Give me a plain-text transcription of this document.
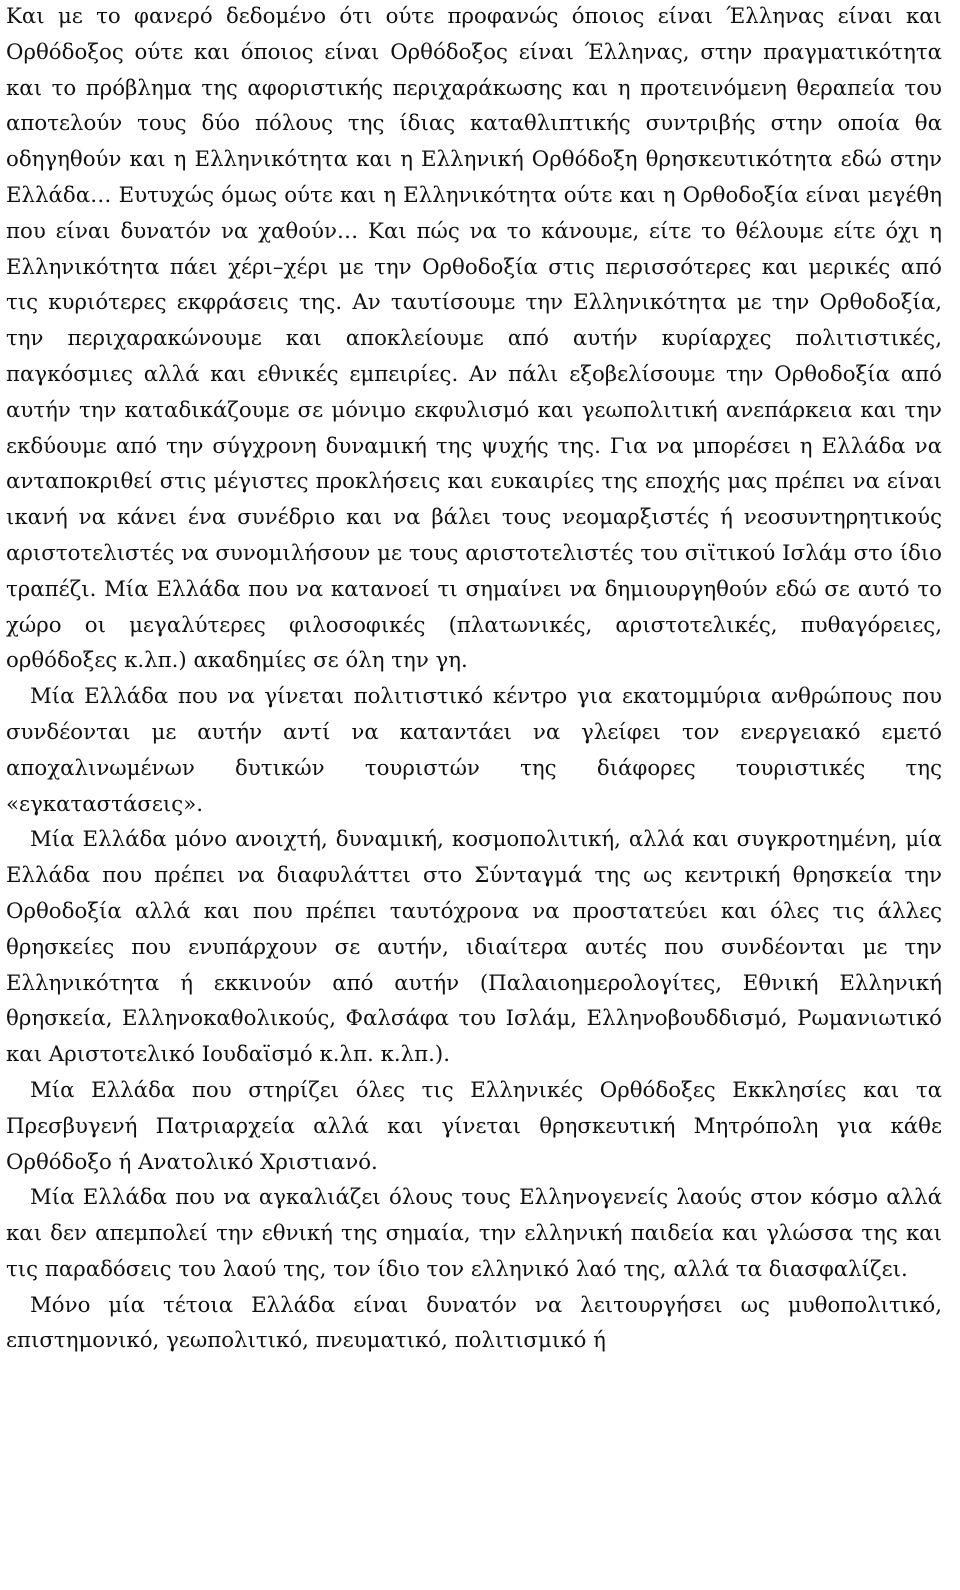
Και με το φανερό δεδομένο ότι ούτε προφανώς όποιος είναι Έλληνας είναι και Ορθόδοξος ούτε και όποιος είναι Ορθόδοξος είναι Έλληνας, στην πραγματικότητα και το πρόβλημα της αφοριστικής περιχαράκωσης και η προτεινόμενη θεραπεία του αποτελούν τους δύο πόλους της ίδιας καταθλιπτικής συντριβής στην οποία θα οδηγηθούν και η Ελληνικότητα και η Ελληνική Ορθόδοξη θρησκευτικότητα εδώ στην Ελλάδα… Ευτυχώς όμως ούτε και η Ελληνικότητα ούτε και η Ορθοδοξία είναι μεγέθη που είναι δυνατόν να χαθούν… Και πώς να το κάνουμε, είτε το θέλουμε είτε όχι η Ελληνικότητα πάει χέρι–χέρι με την Ορθοδοξία στις περισσότερες και μερικές από τις κυριότερες εκφράσεις της. Αν ταυτίσουμε την Ελληνικότητα με την Ορθοδοξία, την περιχαρακώνουμε και αποκλείουμε από αυτήν κυρίαρχες πολιτιστικές, παγκόσμιες αλλά και εθνικές εμπειρίες. Αν πάλι εξοβελίσουμε την Ορθοδοξία από αυτήν την καταδικάζουμε σε μόνιμο εκφυλισμό και γεωπολιτική ανεπάρκεια και την εκδύουμε από την σύγχρονη δυναμική της ψυχής της. Για να μπορέσει η Ελλάδα να ανταποκριθεί στις μέγιστες προκλήσεις και ευκαιρίες της εποχής μας πρέπει να είναι ικανή να κάνει ένα συνέδριο και να βάλει τους νεομαρξιστές ή νεοσυντηρητικούς αριστοτελιστές να συνομιλήσουν με τους αριστοτελιστές του σιϊτικού Ισλάμ στο ίδιο τραπέζι. Μία Ελλάδα που να κατανοεί τι σημαίνει να δημιουργηθούν εδώ σε αυτό το χώρο οι μεγαλύτερες φιλοσοφικές (πλατωνικές, αριστοτελικές, πυθαγόρειες, ορθόδοξες κ.λπ.) ακαδημίες σε όλη την γη.

Μία Ελλάδα που να γίνεται πολιτιστικό κέντρο για εκατομμύρια ανθρώπους που συνδέονται με αυτήν αντί να καταντάει να γλείφει τον ενεργειακό εμετό αποχαλινωμένων δυτικών τουριστών της διάφορες τουριστικές της «εγκαταστάσεις».

Μία Ελλάδα μόνο ανοιχτή, δυναμική, κοσμοπολιτική, αλλά και συγκροτημένη, μία Ελλάδα που πρέπει να διαφυλάττει στο Σύνταγμά της ως κεντρική θρησκεία την Ορθοδοξία αλλά και που πρέπει ταυτόχρονα να προστατεύει και όλες τις άλλες θρησκείες που ενυπάρχουν σε αυτήν, ιδιαίτερα αυτές που συνδέονται με την Ελληνικότητα ή εκκινούν από αυτήν (Παλαιοημερολογίτες, Εθνική Ελληνική θρησκεία, Ελληνοκαθολικούς, Φαλσάφα του Ισλάμ, Ελληνοβουδδισμό, Ρωμανιωτικό και Αριστοτελικό Ιουδαϊσμό κ.λπ. κ.λπ.).

Μία Ελλάδα που στηρίζει όλες τις Ελληνικές Ορθόδοξες Εκκλησίες και τα Πρεσβυγενή Πατριαρχεία αλλά και γίνεται θρησκευτική Μητρόπολη για κάθε Ορθόδοξο ή Ανατολικό Χριστιανό.

Μία Ελλάδα που να αγκαλιάζει όλους τους Ελληνογενείς λαούς στον κόσμο αλλά και δεν απεμπολεί την εθνική της σημαία, την ελληνική παιδεία και γλώσσα της και τις παραδόσεις του λαού της, τον ίδιο τον ελληνικό λαό της, αλλά τα διασφαλίζει.

Μόνο μία τέτοια Ελλάδα είναι δυνατόν να λειτουργήσει ως μυθοπολιτικό, επιστημονικό, γεωπολιτικό, πνευματικό, πολιτισμικό ή
